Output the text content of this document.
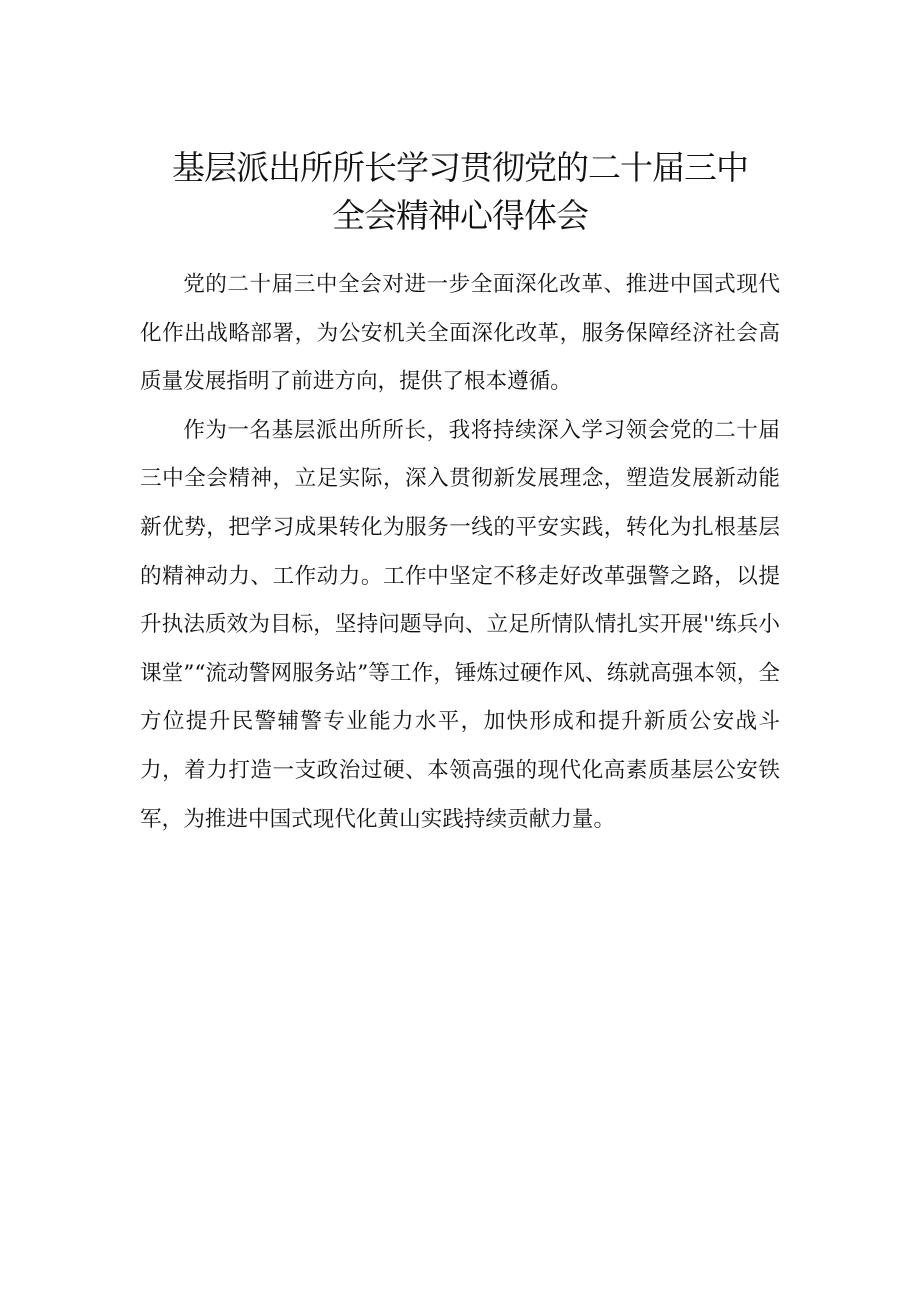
基层派出所所长学习贯彻党的二十届三中
全会精神心得体会

党的二十届三中全会对进一步全面深化改革、推进中国式现代化作出战略部署，为公安机关全面深化改革，服务保障经济社会高质量发展指明了前进方向，提供了根本遵循。

作为一名基层派出所所长，我将持续深入学习领会党的二十届三中全会精神，立足实际，深入贯彻新发展理念，塑造发展新动能新优势，把学习成果转化为服务一线的平安实践，转化为扎根基层的精神动力、工作动力。工作中坚定不移走好改革强警之路，以提升执法质效为目标，坚持问题导向、立足所情队情扎实开展''练兵小课堂”“流动警网服务站”等工作，锤炼过硬作风、练就高强本领，全方位提升民警辅警专业能力水平，加快形成和提升新质公安战斗力，着力打造一支政治过硬、本领高强的现代化高素质基层公安铁军，为推进中国式现代化黄山实践持续贡献力量。
